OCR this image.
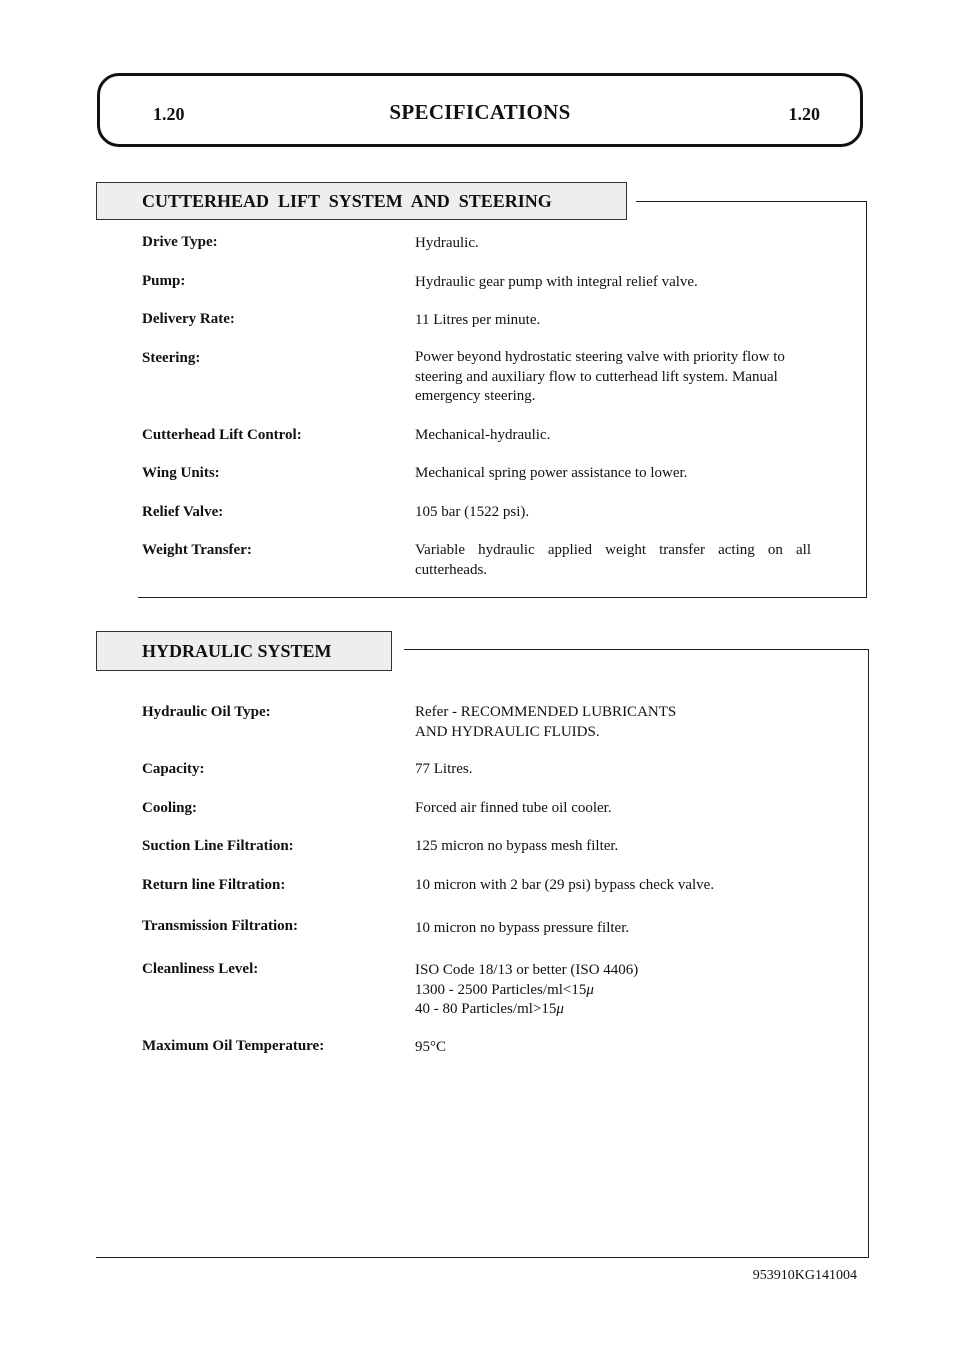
1.20	SPECIFICATIONS	1.20
CUTTERHEAD  LIFT  SYSTEM  AND  STEERING
Drive Type:	Hydraulic.
Pump:	Hydraulic gear pump with integral relief valve.
Delivery Rate:	11 Litres per minute.
Steering:	Power beyond hydrostatic steering valve with priority flow to steering and auxiliary flow to cutterhead lift system. Manual emergency steering.
Cutterhead Lift Control:	Mechanical-hydraulic.
Wing Units:	Mechanical spring power assistance to lower.
Relief Valve:	105 bar (1522 psi).
Weight Transfer:	Variable hydraulic applied weight transfer acting on all cutterheads.
HYDRAULIC SYSTEM
Hydraulic Oil Type:	Refer - RECOMMENDED LUBRICANTS
AND HYDRAULIC FLUIDS.
Capacity:	77 Litres.
Cooling:	Forced air finned tube oil cooler.
Suction Line Filtration:	125 micron no bypass mesh filter.
Return line Filtration:	10 micron with 2 bar (29 psi) bypass check valve.
Transmission Filtration:	10 micron no bypass pressure filter.
Cleanliness Level:	ISO Code 18/13 or better (ISO 4406)
1300 - 2500 Particles/ml<15μ
40 - 80 Particles/ml>15μ
Maximum Oil Temperature:	95°C
953910KG141004
